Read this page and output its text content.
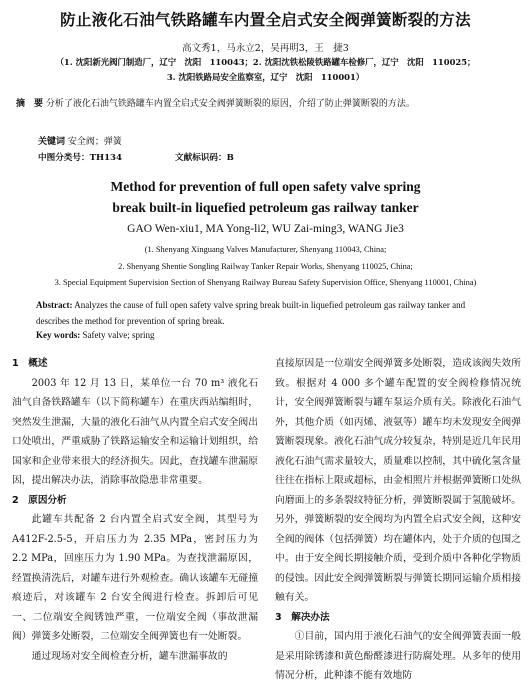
防止液化石油气铁路罐车内置全启式安全阀弹簧断裂的方法
高文秀1，马永立2，吴再明3，王　捷3
（1. 沈阳新光阀门制造厂，辽宁　沈阳　110043；2. 沈阳沈铁松陵铁路罐车检修厂，辽宁　沈阳　110025；
3. 沈阳铁路局安全监察室，辽宁　沈阳　110001）
摘　要 分析了液化石油气铁路罐车内置全启式安全阀弹簧断裂的原因，介绍了防止弹簧断裂的方法。
关键词 安全阀；弹簧
中图分类号：TH134	文献标识码：B
Method for prevention of full open safety valve spring
break built-in liquefied petroleum gas railway tanker
GAO Wen-xiu1, MA Yong-li2, WU Zai-ming3, WANG Jie3
(1. Shenyang Xinguang Valves Manufacturer, Shenyang 110043, China;
2. Shenyang Shentie Songling Railway Tanker Repair Works, Shenyang 110025, China;
3. Special Equipment Supervision Section of Shenyang Railway Bureau Safety Supervision Office, Shenyang 110001, China)
Abstract: Analyzes the cause of full open safety valve spring break built-in liquefied petroleum gas railway tanker and describes the method for prevention of spring break.
Key words: Safety valve; spring
1　概述

2003 年 12 月 13 日，某单位一台 70 m³ 液化石油气自备铁路罐车（以下简称罐车）在重庆西站编组时，突然发生泄漏，大量的液化石油气从内置全启式安全阀出口处喷出，严重威胁了铁路运输安全和运输计划组织，给国家和企业带来很大的经济损失。因此，查找罐车泄漏原因，提出解决办法，消除事故隐患非常重要。

2　原因分析

此罐车共配备 2 台内置全启式安全阀，其型号为 A412F-2.5-5，开启压力为 2.35 MPa，密封压力为 2.2 MPa，回座压力为 1.90 MPa。为查找泄漏原因，经置换清洗后，对罐车进行外观检查。确认该罐车无碰撞痕迹后，对该罐车 2 台安全阀进行检查。拆卸后可见一、二位端安全阀锈蚀严重，一位端安全阀（事故泄漏阀）弹簧多处断裂，二位端安全阀弹簧也有一处断裂。

通过现场对安全阀检查分析，罐车泄漏事故的

直接原因是一位端安全阀弹簧多处断裂，造成该阀失效所致。根据对 4 000 多个罐车配置的安全阀检修情况统计，安全阀弹簧断裂与罐车泵运介质有关。除液化石油气外，其他介质（如丙烯、液氨等）罐车均未发现安全阀弹簧断裂现象。液化石油气成分较复杂，特别是近几年民用液化石油气需求量较大，质量难以控制，其中硫化氢含量往往在指标上限或超标，由金相照片并根据弹簧断口处纵向磨面上的多条裂纹特征分析，弹簧断裂属于氢脆破坏。另外，弹簧断裂的安全阀均为内置全启式安全阀，这种安全阀的阀体（包括弹簧）均在罐体内，处于介质的包围之中。由于安全阀长期接触介质，受到介质中各种化学物质的侵蚀。因此安全阀弹簧断裂与弹簧长期同运输介质相接触有关。

3　解决办法

①目前，国内用于液化石油气的安全阀弹簧表面一般是采用除锈漆和黄色酚醛漆进行防腐处理。从多年的使用情况分析，此种漆不能有效地防
